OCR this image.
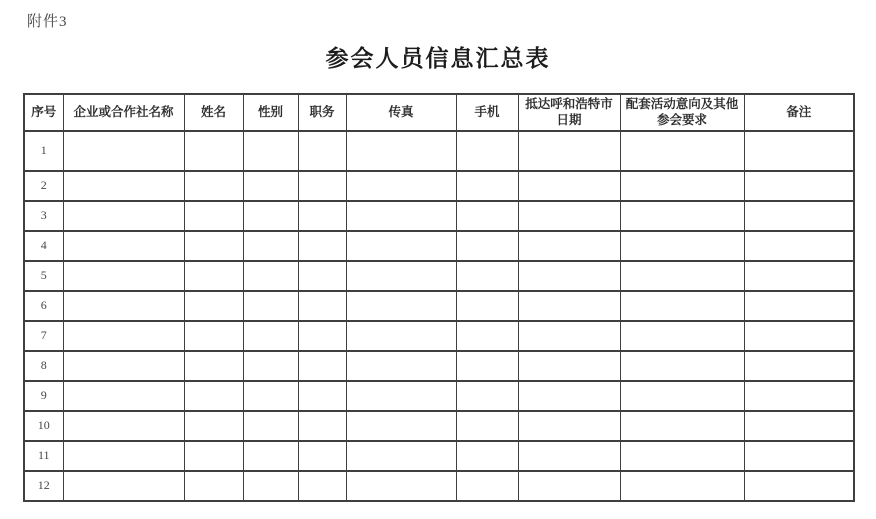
附件3
参会人员信息汇总表
序号	企业或合作社名称	姓名	性别	职务	传真	手机	抵达呼和浩特市日期	配套活动意向及其他参会要求	备注
1									
2									
3									
4									
5									
6									
7									
8									
9									
10									
11									
12									
